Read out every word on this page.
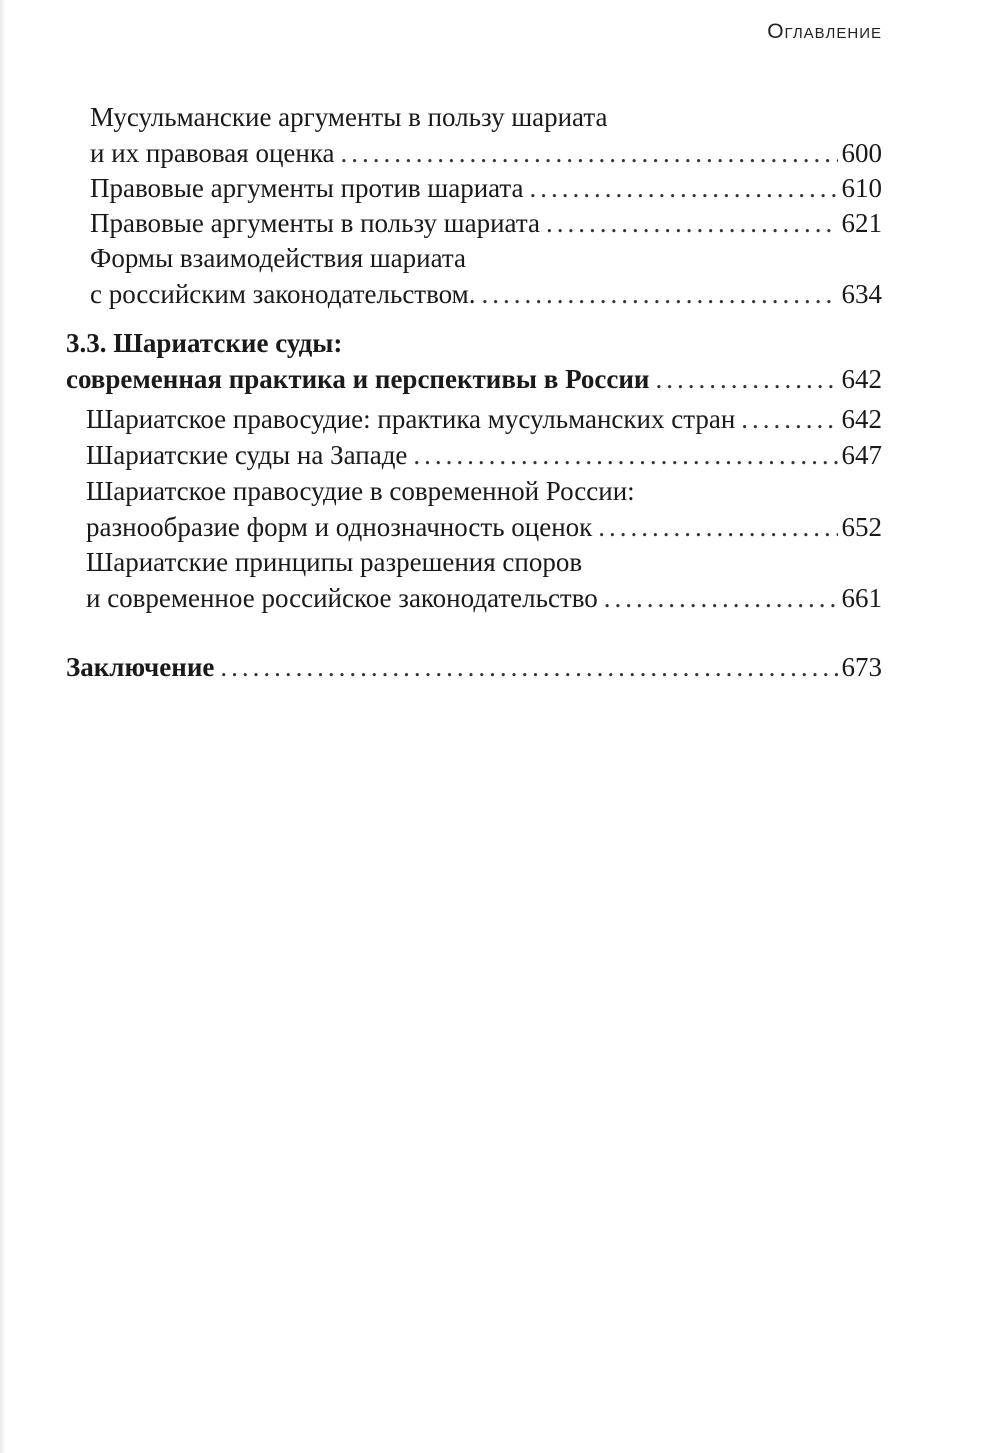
Оглавление
Мусульманские аргументы в пользу шариата
и их правовая оценка .....	600
Правовые аргументы против шариата .....	610
Правовые аргументы в пользу шариата .....	621
Формы взаимодействия шариата
с российским законодательством. .....	634
3.3. Шариатские суды:
современная практика и перспективы в России .....	642
Шариатское правосудие: практика мусульманских стран .....	642
Шариатские суды на Западе .....	647
Шариатское правосудие в современной России:
разнообразие форм и однозначность оценок .....	652
Шариатские принципы разрешения споров
и современное российское законодательство .....	661
Заключение .....	673
